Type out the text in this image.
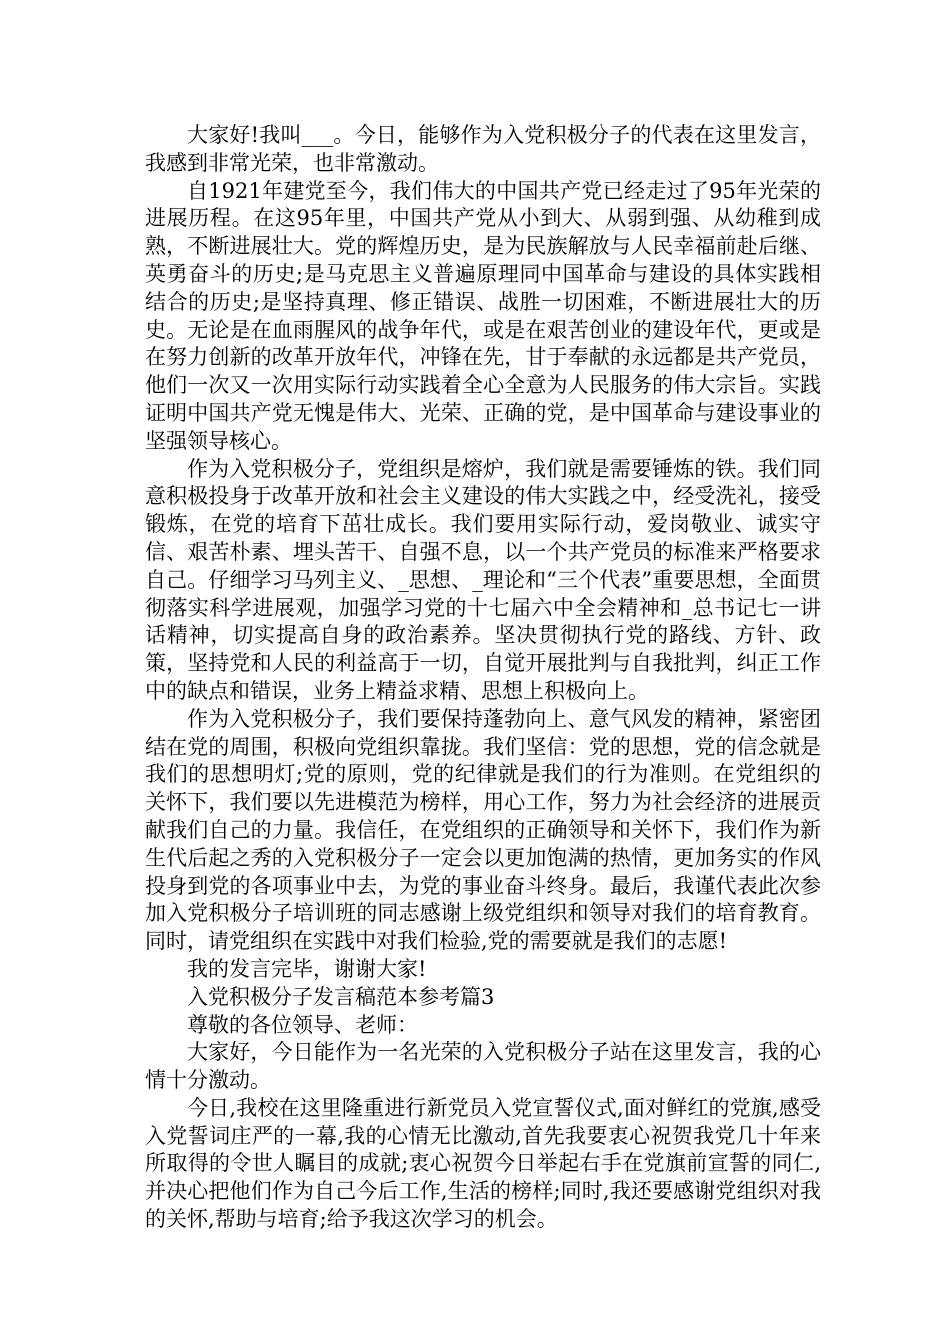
大家好!我叫___。今日，能够作为入党积极分子的代表在这里发言，我感到非常光荣，也非常激动。

自1921年建党至今，我们伟大的中国共产党已经走过了95年光荣的进展历程。在这95年里，中国共产党从小到大、从弱到强、从幼稚到成熟，不断进展壮大。党的辉煌历史，是为民族解放与人民幸福前赴后继、英勇奋斗的历史;是马克思主义普遍原理同中国革命与建设的具体实践相结合的历史;是坚持真理、修正错误、战胜一切困难，不断进展壮大的历史。无论是在血雨腥风的战争年代，或是在艰苦创业的建设年代，更或是在努力创新的改革开放年代，冲锋在先，甘于奉献的永远都是共产党员，他们一次又一次用实际行动实践着全心全意为人民服务的伟大宗旨。实践证明中国共产党无愧是伟大、光荣、正确的党，是中国革命与建设事业的坚强领导核心。

作为入党积极分子，党组织是熔炉，我们就是需要锤炼的铁。我们同意积极投身于改革开放和社会主义建设的伟大实践之中，经受洗礼，接受锻炼，在党的培育下茁壮成长。我们要用实际行动，爱岗敬业、诚实守信、艰苦朴素、埋头苦干、自强不息，以一个共产党员的标准来严格要求自己。仔细学习马列主义、_思想、_理论和“三个代表”重要思想，全面贯彻落实科学进展观，加强学习党的十七届六中全会精神和_总书记七一讲话精神，切实提高自身的政治素养。坚决贯彻执行党的路线、方针、政策，坚持党和人民的利益高于一切，自觉开展批判与自我批判，纠正工作中的缺点和错误，业务上精益求精、思想上积极向上。

作为入党积极分子，我们要保持蓬勃向上、意气风发的精神，紧密团结在党的周围，积极向党组织靠拢。我们坚信：党的思想，党的信念就是我们的思想明灯;党的原则，党的纪律就是我们的行为准则。在党组织的关怀下，我们要以先进模范为榜样，用心工作，努力为社会经济的进展贡献我们自己的力量。我信任，在党组织的正确领导和关怀下，我们作为新生代后起之秀的入党积极分子一定会以更加饱满的热情，更加务实的作风投身到党的各项事业中去，为党的事业奋斗终身。最后，我谨代表此次参加入党积极分子培训班的同志感谢上级党组织和领导对我们的培育教育。同时，请党组织在实践中对我们检验,党的需要就是我们的志愿!

我的发言完毕，谢谢大家!

入党积极分子发言稿范本参考篇3

尊敬的各位领导、老师：

大家好，今日能作为一名光荣的入党积极分子站在这里发言，我的心情十分激动。

今日,我校在这里隆重进行新党员入党宣誓仪式,面对鲜红的党旗,感受入党誓词庄严的一幕,我的心情无比激动,首先我要衷心祝贺我党几十年来所取得的令世人瞩目的成就;衷心祝贺今日举起右手在党旗前宣誓的同仁,并决心把他们作为自己今后工作,生活的榜样;同时,我还要感谢党组织对我的关怀,帮助与培育;给予我这次学习的机会。
